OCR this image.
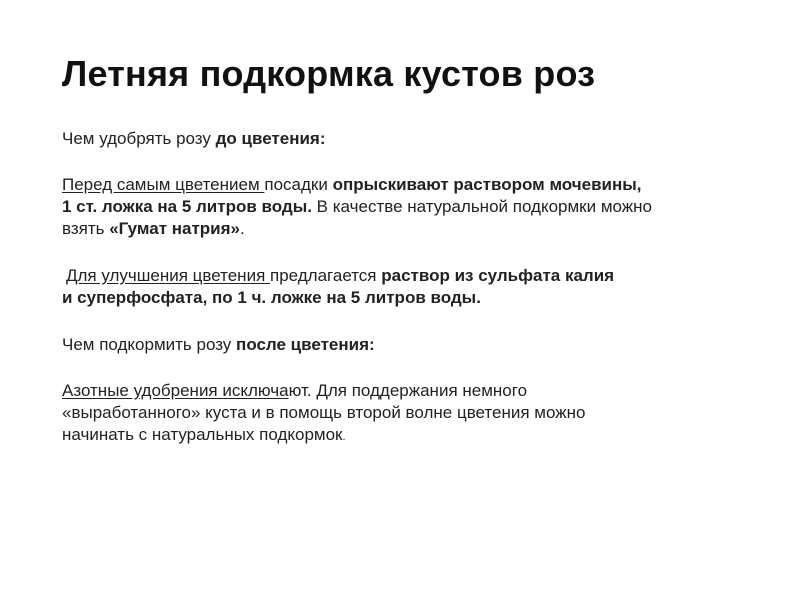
Летняя подкормка кустов роз

Чем удобрять розу до цветения:

Перед самым цветением посадки опрыскивают раствором мочевины,
1 ст. ложка на 5 литров воды. В качестве натуральной подкормки можно
взять «Гумат натрия».

Для улучшения цветения предлагается раствор из сульфата калия

и суперфосфата, по 1 ч. ложке на 5 литров воды.

Чем подкормить розу после цветения:

Азотные удобрения исключают. Для поддержания немного
«выработанного» куста и в помощь второй волне цветения можно
начинать с натуральных подкормок.
